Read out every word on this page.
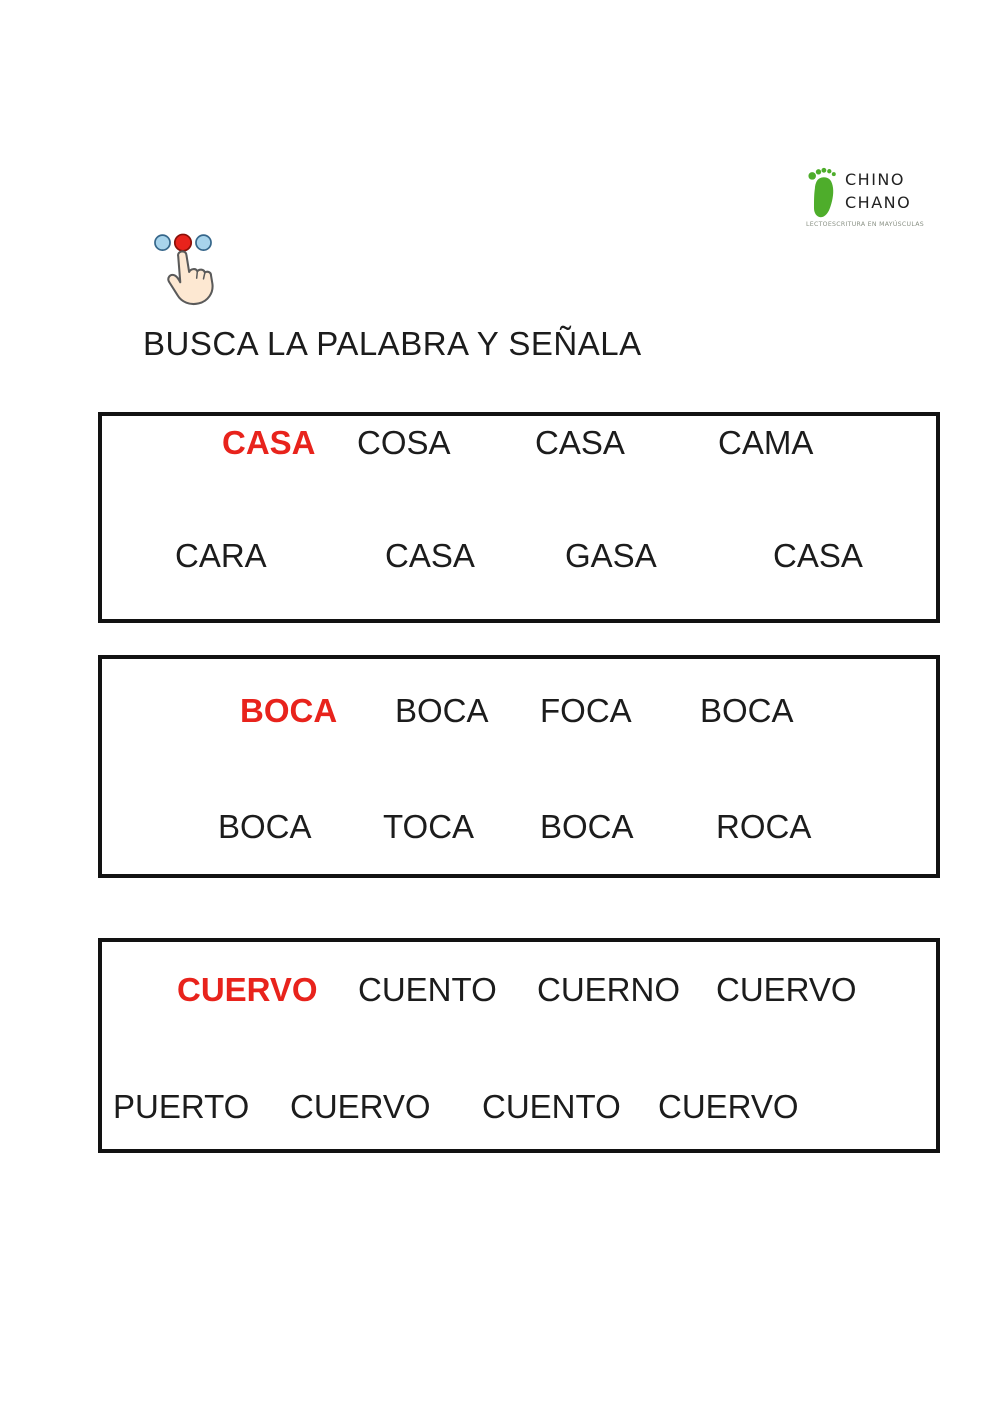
CHINO
CHANO
LECTOESCRITURA EN MAYÚSCULAS
BUSCA LA PALABRA Y SEÑALA
CASA COSA	CASA	CAMA
CARA	CASA	GASA	CASA
BOCA BOCA FOCA BOCA
BOCA TOCA BOCA ROCA
CUERVO CUENTO CUERNO CUERVO
PUERTO CUERVO CUENTO CUERVO
